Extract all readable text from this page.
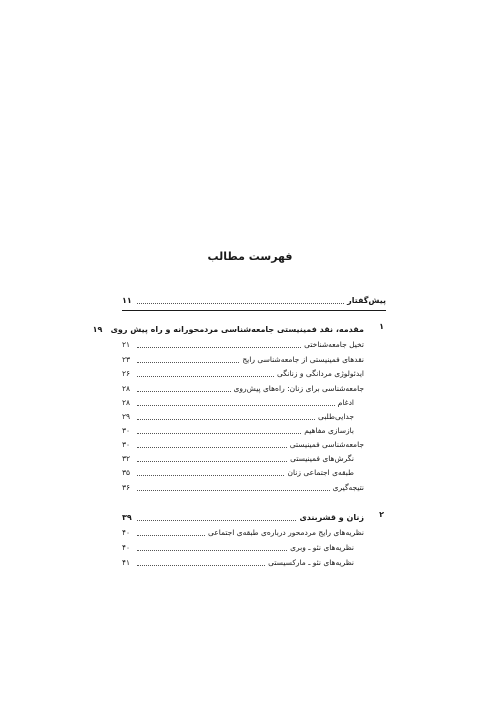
فهرست مطالب
پیش‌گفتار
۱۱
۱
مقدمه، نقد فمینیستی جامعه‌شناسی مردمحورانه و راه پیش روی
۱۹
تخیل جامعه‌شناختی
۲۱
نقدهای فمینیستی از جامعه‌شناسی رایج
۲۳
ایدئولوژی مردانگی و زنانگی
۲۶
جامعه‌شناسی برای زنان: راه‌های پیش‌روی
۲۸
ادغام
۲۸
جدایی‌طلبی
۲۹
بازسازی مفاهیم
۳۰
جامعه‌شناسی فمینیستی
۳۰
نگرش‌های فمینیستی
۳۲
طبقه‌ی اجتماعی زنان
۳۵
نتیجه‌گیری
۳۶
۲
زنان و قشربندی
۳۹
نظریه‌های رایج مردمحور درباره‌ی طبقه‌ی اجتماعی
۴۰
نظریه‌های نئو ـ وبری
۴۰
نظریه‌های نئو ـ مارکسیستی
۴۱
